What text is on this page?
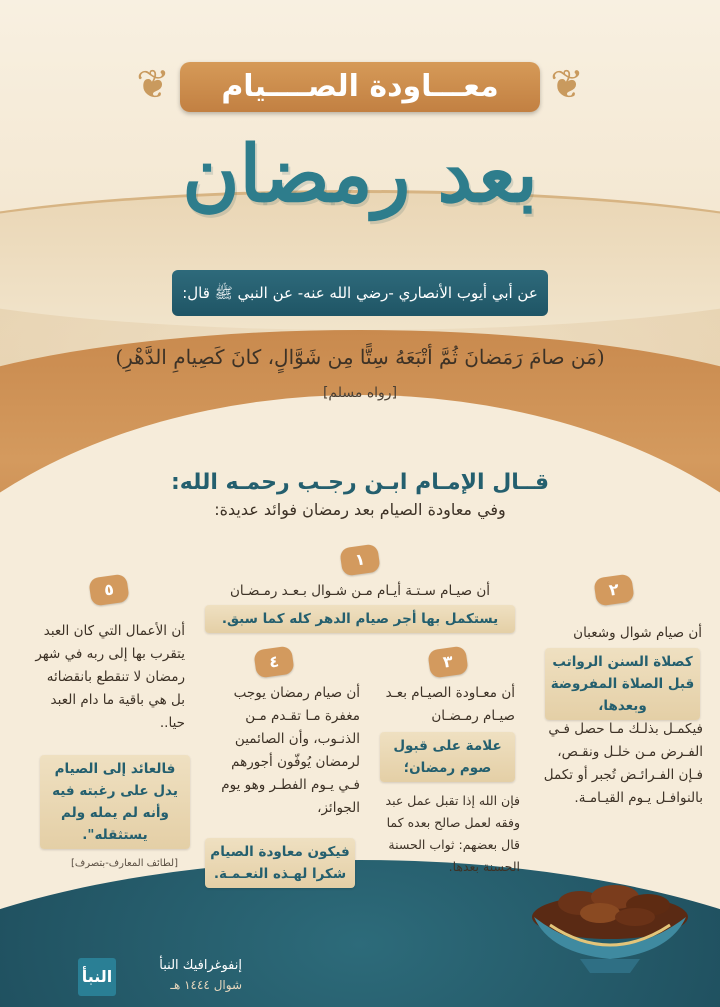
❦	❦
معـــاودة الصــــيام
بعد رمضان
عن أبي أيوب الأنصاري -رضي الله عنه- عن النبي ﷺ قال:
(مَن صامَ رَمَضانَ ثُمَّ أتْبَعَهُ سِتًّا مِن شَوَّالٍ، كانَ كَصِيامِ الدَّهْرِ)
[رواه مسلم]
قــال الإمـام ابـن رجـب رحمـه الله:
وفي معاودة الصيام بعد رمضان فوائد عديدة:
١
أن صيـام سـتـة أيـام مـن شـوال بـعـد رمـضـان
يستكمل بها أجر صيام الدهر كله كما سبق.
٢
أن صيام شوال وشعبان
كصلاة السنن الرواتب قبل الصلاة المفروضة وبعدها،
فيكمـل بذلـك مـا حصل فـي الفـرض مـن خلـل ونقـص، فـإن الفـرائـض تُجبر أو تكمل بالنوافـل يـوم القيـامـة.
٣
أن معـاودة الصيـام بعـد صيـام رمـضـان
علامة على قبول صوم رمضان؛
فإن الله إذا تقبل عمل عبد وفقه لعمل صالح بعده كما قال بعضهم: ثواب الحسنة الحسنة بعدها.
٤
أن صيام رمضان يوجب مغفرة مـا تقـدم مـن الذنـوب، وأن الصائمين لرمضان يُوفّون أجورهم فـي يـوم الفطـر وهو يوم الجوائز،
فيكون معاودة الصيام شكرا لهـذه النعـمـة.
٥
أن الأعمال التي كان العبد يتقرب بها إلى ربه في شهر رمضان لا تنقطع بانقضائه بل هي باقية ما دام العبد حيا..
فالعائد إلى الصيام يدل على رغبته فيه وأنه لم يمله ولم يستثقله".
[لطائف المعارف-بتصرف]
النبأ
إنفوغرافيك النبأ
شوال ١٤٤٤ هـ
